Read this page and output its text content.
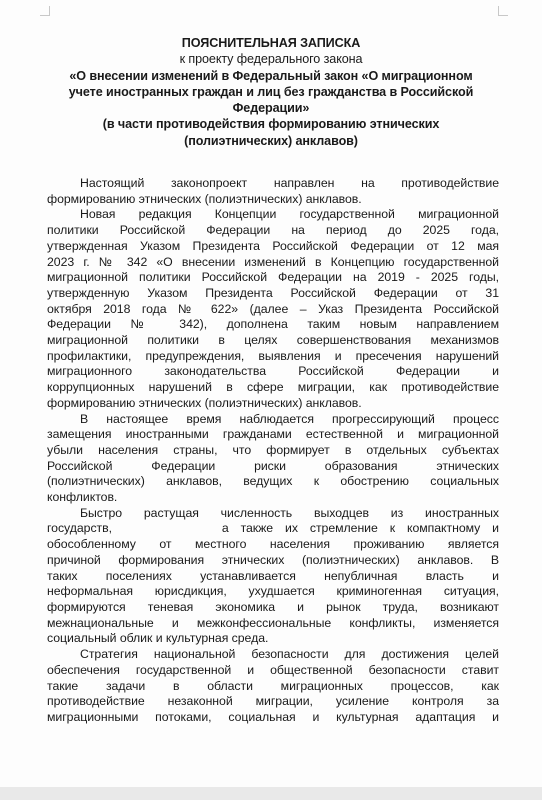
ПОЯСНИТЕЛЬНАЯ ЗАПИСКА
к проекту федерального закона
«О внесении изменений в Федеральный закон «О миграционном
учете иностранных граждан и лиц без гражданства в Российской
Федерации»
(в части противодействия формированию этнических
(полиэтнических) анклавов)

Настоящий законопроект направлен на противодействие
формированию этнических (полиэтнических) анклавов.

Новая редакция Концепции государственной миграционной
политики Российской Федерации на период до 2025 года,
утвержденная Указом Президента Российской Федерации от 12 мая
2023 г. № 342 «О внесении изменений в Концепцию государственной
миграционной политики Российской Федерации на 2019 - 2025 годы,
утвержденную Указом Президента Российской Федерации от 31
октября 2018 года № 622» (далее – Указ Президента Российской
Федерации № 342), дополнена таким новым направлением
миграционной политики в целях совершенствования механизмов
профилактики, предупреждения, выявления и пресечения нарушений
миграционного законодательства Российской Федерации и
коррупционных нарушений в сфере миграции, как противодействие
формированию этнических (полиэтнических) анклавов.

В настоящее время наблюдается прогрессирующий процесс
замещения иностранными гражданами естественной и миграционной
убыли населения страны, что формирует в отдельных субъектах
Российской Федерации риски образования этнических
(полиэтнических) анклавов, ведущих к обострению социальных
конфликтов.

Быстро растущая численность выходцев из иностранных
государств,	а также их стремление к компактному и
обособленному от местного населения проживанию является
причиной формирования этнических (полиэтнических) анклавов. В
таких поселениях устанавливается непубличная власть и
неформальная юрисдикция, ухудшается криминогенная ситуация,
формируются теневая экономика и рынок труда, возникают
межнациональные и межконфессиональные конфликты, изменяется
социальный облик и культурная среда.

Стратегия национальной безопасности для достижения целей
обеспечения государственной и общественной безопасности ставит
такие задачи в области миграционных процессов, как
противодействие незаконной миграции, усиление контроля за
миграционными потоками, социальная и культурная адаптация и
